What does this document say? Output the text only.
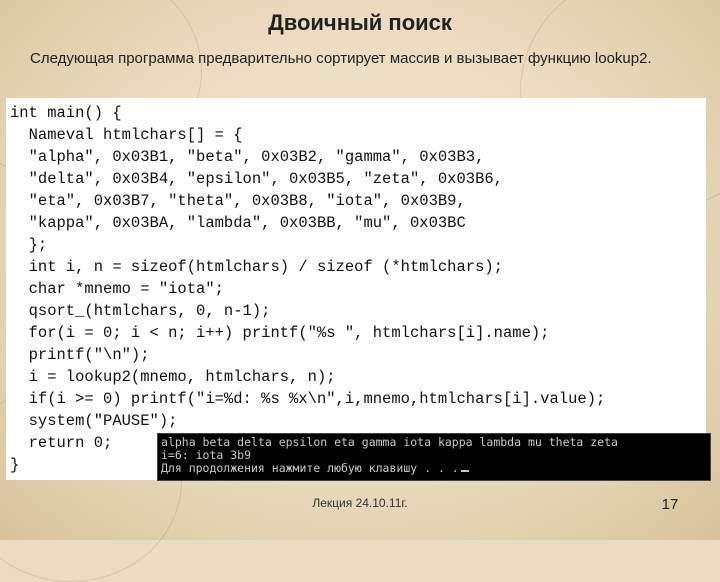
Двоичный поиск
Следующая программа предварительно сортирует массив и вызывает функцию lookup2.
int main() {
Nameval htmlchars[] = {
"alpha", 0x03B1, "beta", 0x03B2, "gamma", 0x03B3,
"delta", 0x03B4, "epsilon", 0x03B5, "zeta", 0x03B6,
"eta", 0x03B7, "theta", 0x03B8, "iota", 0x03B9,
"kappa", 0x03BA, "lambda", 0x03BB, "mu", 0x03BC
};
int i, n = sizeof(htmlchars) / sizeof (*htmlchars);
char *mnemo = "iota";
qsort_(htmlchars, 0, n-1);
for(i = 0; i < n; i++) printf("%s ", htmlchars[i].name);
printf("\n");
i = lookup2(mnemo, htmlchars, n);
if(i >= 0) printf("i=%d: %s %x\n",i,mnemo,htmlchars[i].value);
system("PAUSE");
return 0;
}
alpha beta delta epsilon eta gamma iota kappa lambda mu theta zeta
i=6: iota 3b9
Для продолжения нажмите любую клавишу . . .
Лекция 24.10.11г.	17
